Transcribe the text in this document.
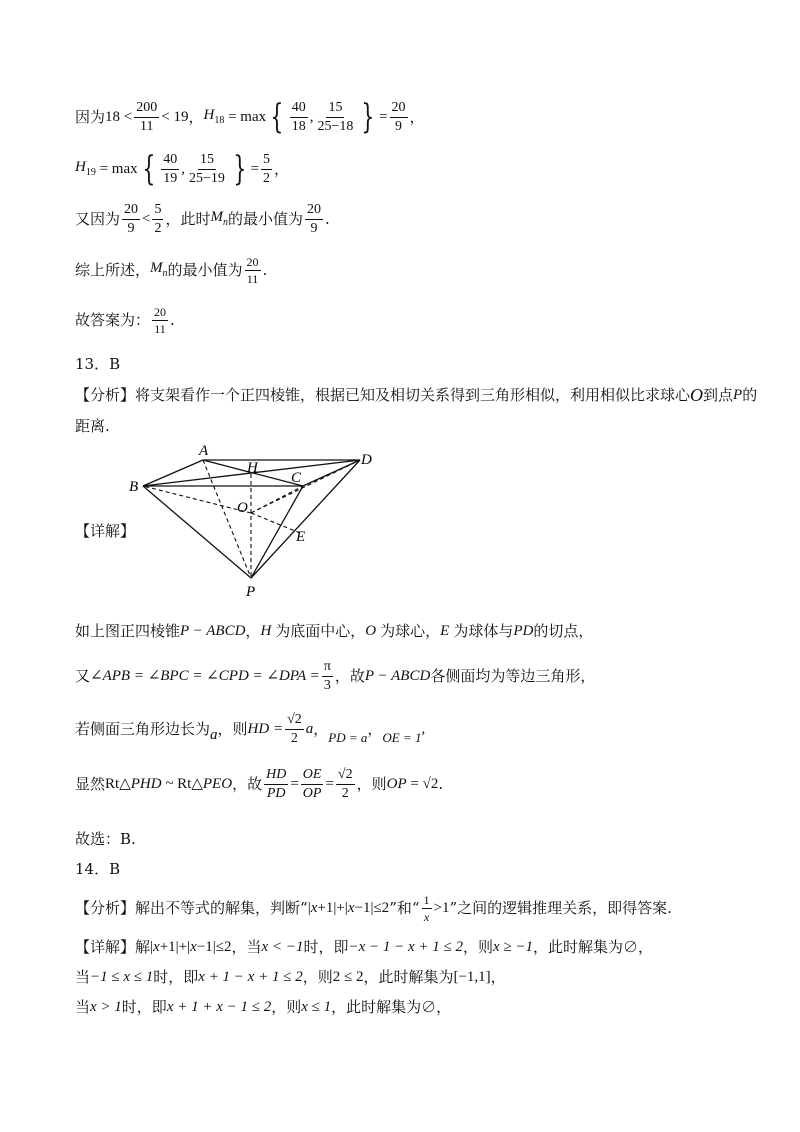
因为 $18 < \frac{200}{11} < 19$ ， $H_{18} = \max$ { $\frac{40}{18}$ , $\frac{15}{25-18}$ } = $\frac{20}{9}$ ，
$H_{19} = \max$ { $\frac{40}{19}$ , $\frac{15}{25-19}$ } = $\frac{5}{2}$ ，
又因为 $\frac{20}{9} < \frac{5}{2}$ ，此时 $M_n$ 的最小值为 $\frac{20}{9}$ .
综上所述， $M_n$ 的最小值为 $\frac{20}{11}$ .
故答案为： $\frac{20}{11}$ .
13．B
【分析】 将支架看作一个正四棱锥，根据已知及相切关系得到三角形相似，利用相似比求球心 O 到点 P 的
距离.
A
H	D
B
C
O
E
P
【详解】
如上图正四棱锥 P − ABCD ， H 为底面中心， O 为球心， E 为球体与 PD 的切点，
又 ∠APB = ∠BPC = ∠CPD = ∠DPA = $\frac{\pi}{3}$ ，故 P − ABCD 各侧面均为等边三角形，
若侧面三角形边长为 a ，则 HD = $\frac{√2}{2}$ a ， PD = a ， OE = 1
,
显然 Rt△ PHD ~ Rt△ PEO ，故 $\frac{HD}{PD} = \frac{OE}{OP} = \frac{√2}{2}$ ，则 OP = √2 .
故选：B.
14．B
【分析】 解出不等式的解集，判断“ | x +1|+| x −1|≤2 ”和“ $\frac{1}{x} >1$ ”之间的逻辑推理关系，即得答案.
【详解】 解 | x +1|+| x −1|≤2 ，当 x < −1 时，即 −x − 1 − x + 1 ≤ 2 ，则 x ≥ −1 ，此时解集为∅，
当 −1 ≤ x ≤ 1 时，即 x + 1 − x + 1 ≤ 2 ，则 2 ≤ 2 ，此时解集为 [−1,1] ，
当 x > 1 时，即 x + 1 + x − 1 ≤ 2 ，则 x ≤ 1 ，此时解集为∅，
